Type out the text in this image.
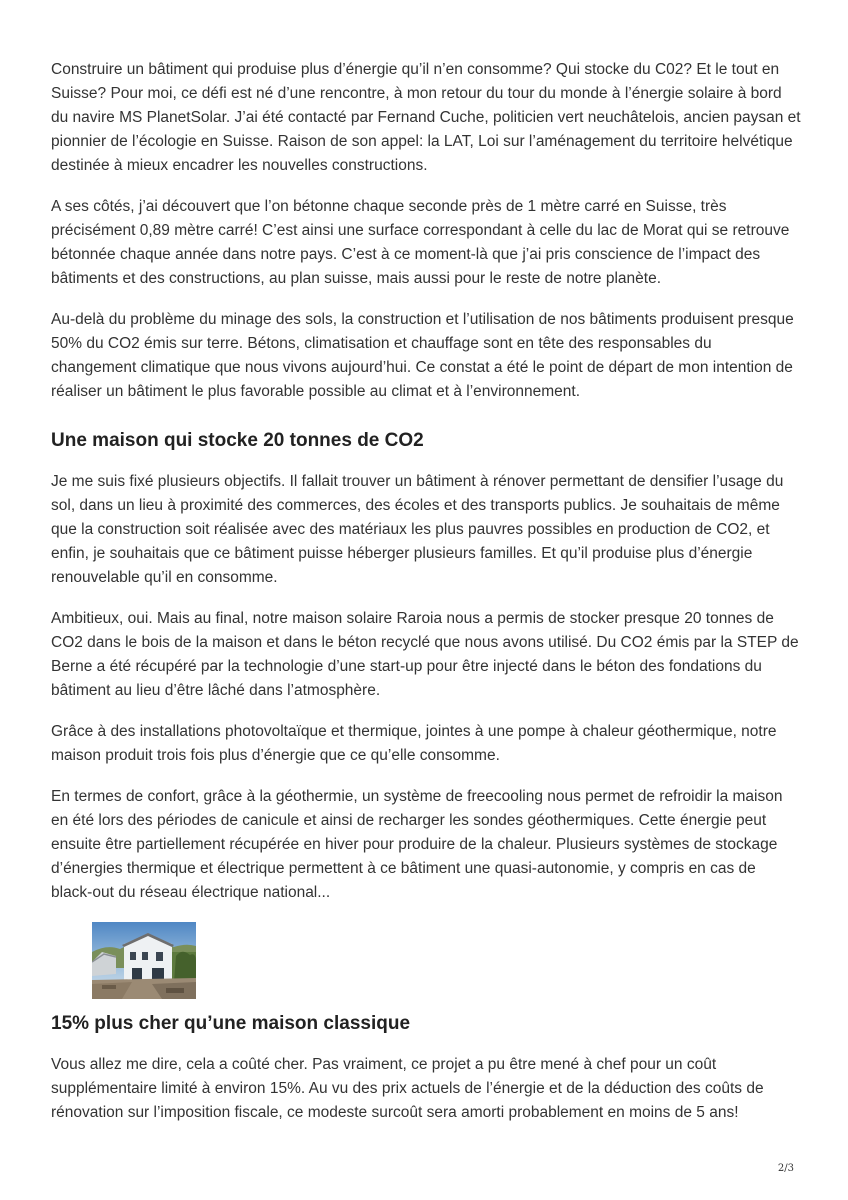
Construire un bâtiment qui produise plus d’énergie qu’il n’en consomme? Qui stocke du C02? Et le tout en Suisse? Pour moi, ce défi est né d’une rencontre, à mon retour du tour du monde à l’énergie solaire à bord du navire MS PlanetSolar. J’ai été contacté par Fernand Cuche, politicien vert neuchâtelois, ancien paysan et pionnier de l’écologie en Suisse. Raison de son appel: la LAT, Loi sur l’aménagement du territoire helvétique destinée à mieux encadrer les nouvelles constructions.

A ses côtés, j’ai découvert que l’on bétonne chaque seconde près de 1 mètre carré en Suisse, très précisément 0,89 mètre carré! C’est ainsi une surface correspondant à celle du lac de Morat qui se retrouve bétonnée chaque année dans notre pays. C’est à ce moment-là que j’ai pris conscience de l’impact des bâtiments et des constructions, au plan suisse, mais aussi pour le reste de notre planète.

Au-delà du problème du minage des sols, la construction et l’utilisation de nos bâtiments produisent presque 50% du CO2 émis sur terre. Bétons, climatisation et chauffage sont en tête des responsables du changement climatique que nous vivons aujourd’hui. Ce constat a été le point de départ de mon intention de réaliser un bâtiment le plus favorable possible au climat et à l’environnement.

Une maison qui stocke 20 tonnes de CO2

Je me suis fixé plusieurs objectifs. Il fallait trouver un bâtiment à rénover permettant de densifier l’usage du sol, dans un lieu à proximité des commerces, des écoles et des transports publics. Je souhaitais de même que la construction soit réalisée avec des matériaux les plus pauvres possibles en production de CO2, et enfin, je souhaitais que ce bâtiment puisse héberger plusieurs familles. Et qu’il produise plus d’énergie renouvelable qu’il en consomme.

Ambitieux, oui. Mais au final, notre maison solaire Raroia nous a permis de stocker presque 20 tonnes de CO2 dans le bois de la maison et dans le béton recyclé que nous avons utilisé. Du CO2 émis par la STEP de Berne a été récupéré par la technologie d’une start-up pour être injecté dans le béton des fondations du bâtiment au lieu d’être lâché dans l’atmosphère.

Grâce à des installations photovoltaïque et thermique, jointes à une pompe à chaleur géothermique, notre maison produit trois fois plus d’énergie que ce qu’elle consomme.

En termes de confort, grâce à la géothermie, un système de freecooling nous permet de refroidir la maison en été lors des périodes de canicule et ainsi de recharger les sondes géothermiques. Cette énergie peut ensuite être partiellement récupérée en hiver pour produire de la chaleur. Plusieurs systèmes de stockage d’énergies thermique et électrique permettent à ce bâtiment une quasi-autonomie, y compris en cas de black-out du réseau électrique national...

15% plus cher qu’une maison classique

Vous allez me dire, cela a coûté cher. Pas vraiment, ce projet a pu être mené à chef pour un coût supplémentaire limité à environ 15%. Au vu des prix actuels de l’énergie et de la déduction des coûts de rénovation sur l’imposition fiscale, ce modeste surcoût sera amorti probablement en moins de 5 ans!

2/3
